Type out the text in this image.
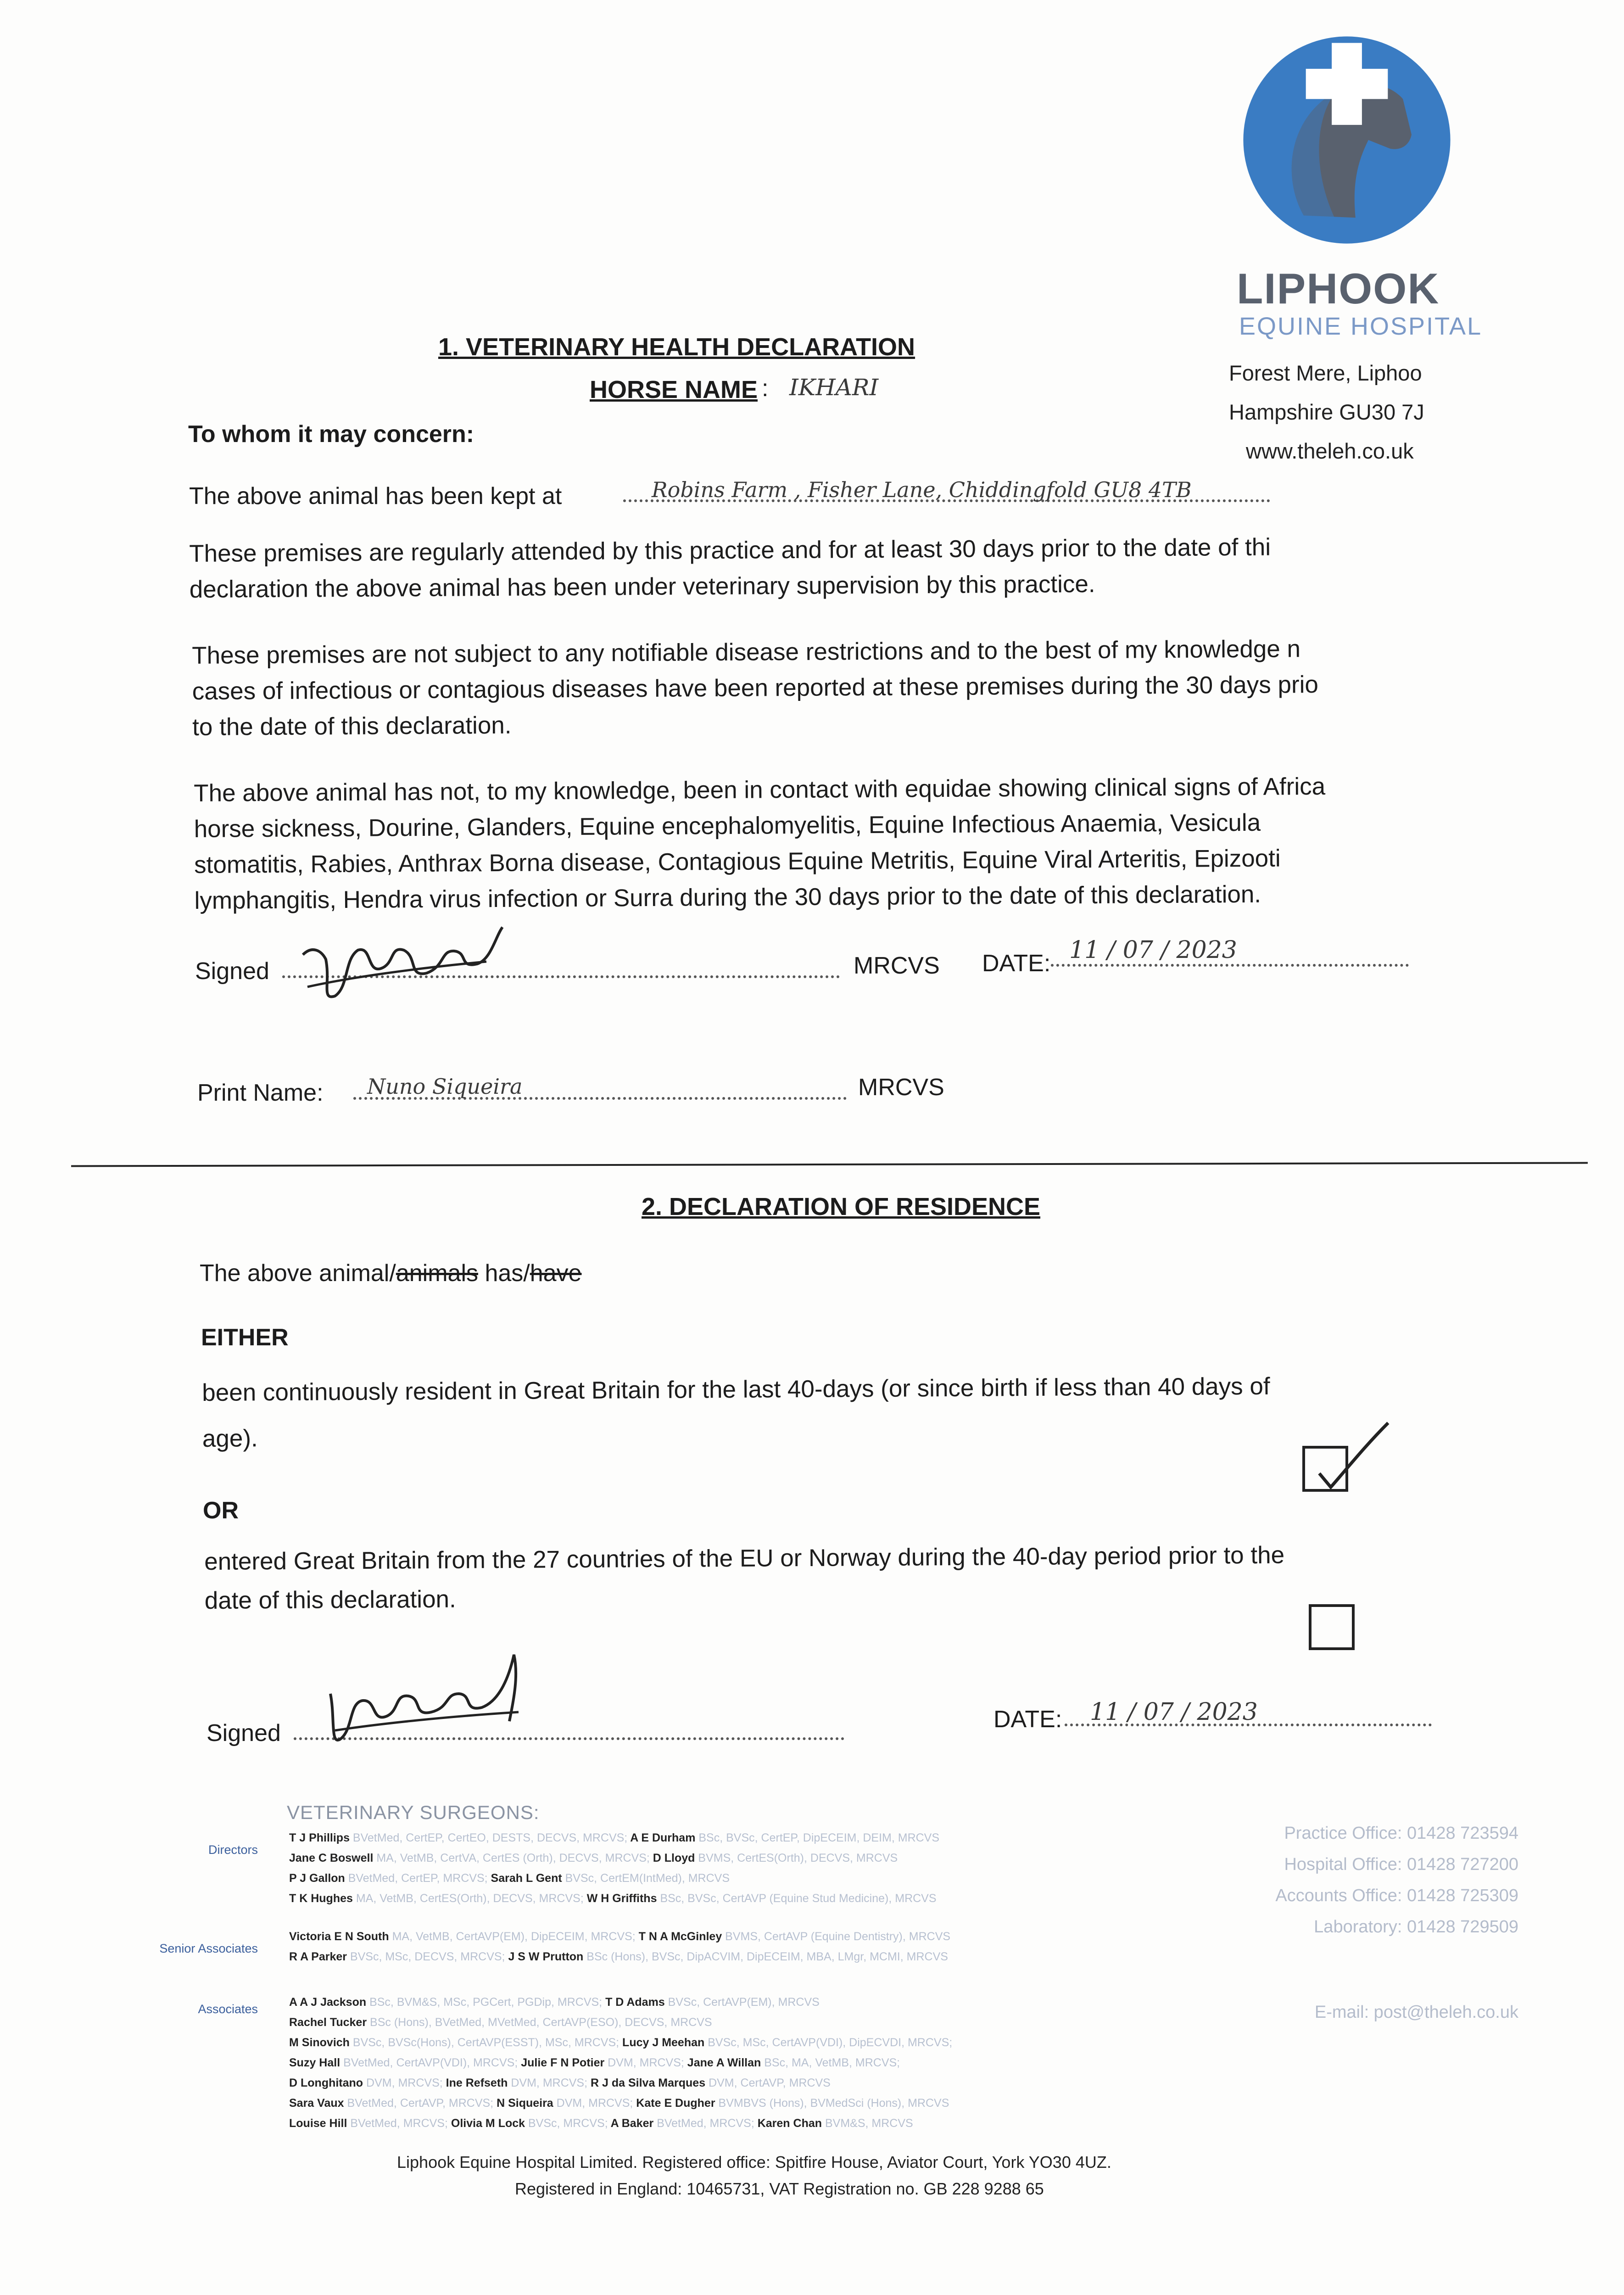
LIPHOOK
EQUINE HOSPITAL
Forest Mere, Liphoo
Hampshire GU30 7J
www.theleh.co.uk
1. VETERINARY HEALTH DECLARATION
HORSE NAME : IKHARI
To whom it may concern:
The above animal has been kept at	Robins Farm , Fisher Lane, Chiddingfold GU8 4TB

These premises are regularly attended by this practice and for at least 30 days prior to the date of thi
declaration the above animal has been under veterinary supervision by this practice.

These premises are not subject to any notifiable disease restrictions and to the best of my knowledge n
cases of infectious or contagious diseases have been reported at these premises during the 30 days prio
to the date of this declaration.

The above animal has not, to my knowledge, been in contact with equidae showing clinical signs of Africa
horse sickness, Dourine, Glanders, Equine encephalomyelitis, Equine Infectious Anaemia, Vesicula
stomatitis, Rabies, Anthrax Borna disease, Contagious Equine Metritis, Equine Viral Arteritis, Epizooti
lymphangitis, Hendra virus infection or Surra during the 30 days prior to the date of this declaration.

Signed	MRCVS DATE: 11 / 07 / 2023
Print Name: Nuno Siqueira	MRCVS
2. DECLARATION OF RESIDENCE
The above animal/animals has/have
EITHER

been continuously resident in Great Britain for the last 40-days (or since birth if less than 40 days of
age).

OR

entered Great Britain from the 27 countries of the EU or Norway during the 40-day period prior to the
date of this declaration.

Signed
DATE: 11 / 07 / 2023
VETERINARY SURGEONS:
Directors
T J Phillips BVetMed, CertEP, CertEO, DESTS, DECVS, MRCVS; A E Durham BSc, BVSc, CertEP, DipECEIM, DEIM, MRCVS
Jane C Boswell MA, VetMB, CertVA, CertES (Orth), DECVS, MRCVS; D Lloyd BVMS, CertES(Orth), DECVS, MRCVS
P J Gallon BVetMed, CertEP, MRCVS; Sarah L Gent BVSc, CertEM(IntMed), MRCVS
T K Hughes MA, VetMB, CertES(Orth), DECVS, MRCVS; W H Griffiths BSc, BVSc, CertAVP (Equine Stud Medicine), MRCVS
Senior Associates
Victoria E N South MA, VetMB, CertAVP(EM), DipECEIM, MRCVS; T N A McGinley BVMS, CertAVP (Equine Dentistry), MRCVS
R A Parker BVSc, MSc, DECVS, MRCVS; J S W Prutton BSc (Hons), BVSc, DipACVIM, DipECEIM, MBA, LMgr, MCMI, MRCVS
Associates	A A J Jackson BSc, BVM&S, MSc, PGCert, PGDip, MRCVS; T D Adams BVSc, CertAVP(EM), MRCVS
Rachel Tucker BSc (Hons), BVetMed, MVetMed, CertAVP(ESO), DECVS, MRCVS
M Sinovich BVSc, BVSc(Hons), CertAVP(ESST), MSc, MRCVS; Lucy J Meehan BVSc, MSc, CertAVP(VDI), DipECVDI, MRCVS;
Suzy Hall BVetMed, CertAVP(VDI), MRCVS; Julie F N Potier DVM, MRCVS; Jane A Willan BSc, MA, VetMB, MRCVS;
D Longhitano DVM, MRCVS; Ine Refseth DVM, MRCVS; R J da Silva Marques DVM, CertAVP, MRCVS
Sara Vaux BVetMed, CertAVP, MRCVS; N Siqueira DVM, MRCVS; Kate E Dugher BVMBVS (Hons), BVMedSci (Hons), MRCVS
Louise Hill BVetMed, MRCVS; Olivia M Lock BVSc, MRCVS; A Baker BVetMed, MRCVS; Karen Chan BVM&S, MRCVS
Practice Office: 01428 723594
Hospital Office: 01428 727200
Accounts Office: 01428 725309
Laboratory: 01428 729509
E-mail: post@theleh.co.uk
Liphook Equine Hospital Limited. Registered office: Spitfire House, Aviator Court, York YO30 4UZ.
Registered in England: 10465731, VAT Registration no. GB 228 9288 65
